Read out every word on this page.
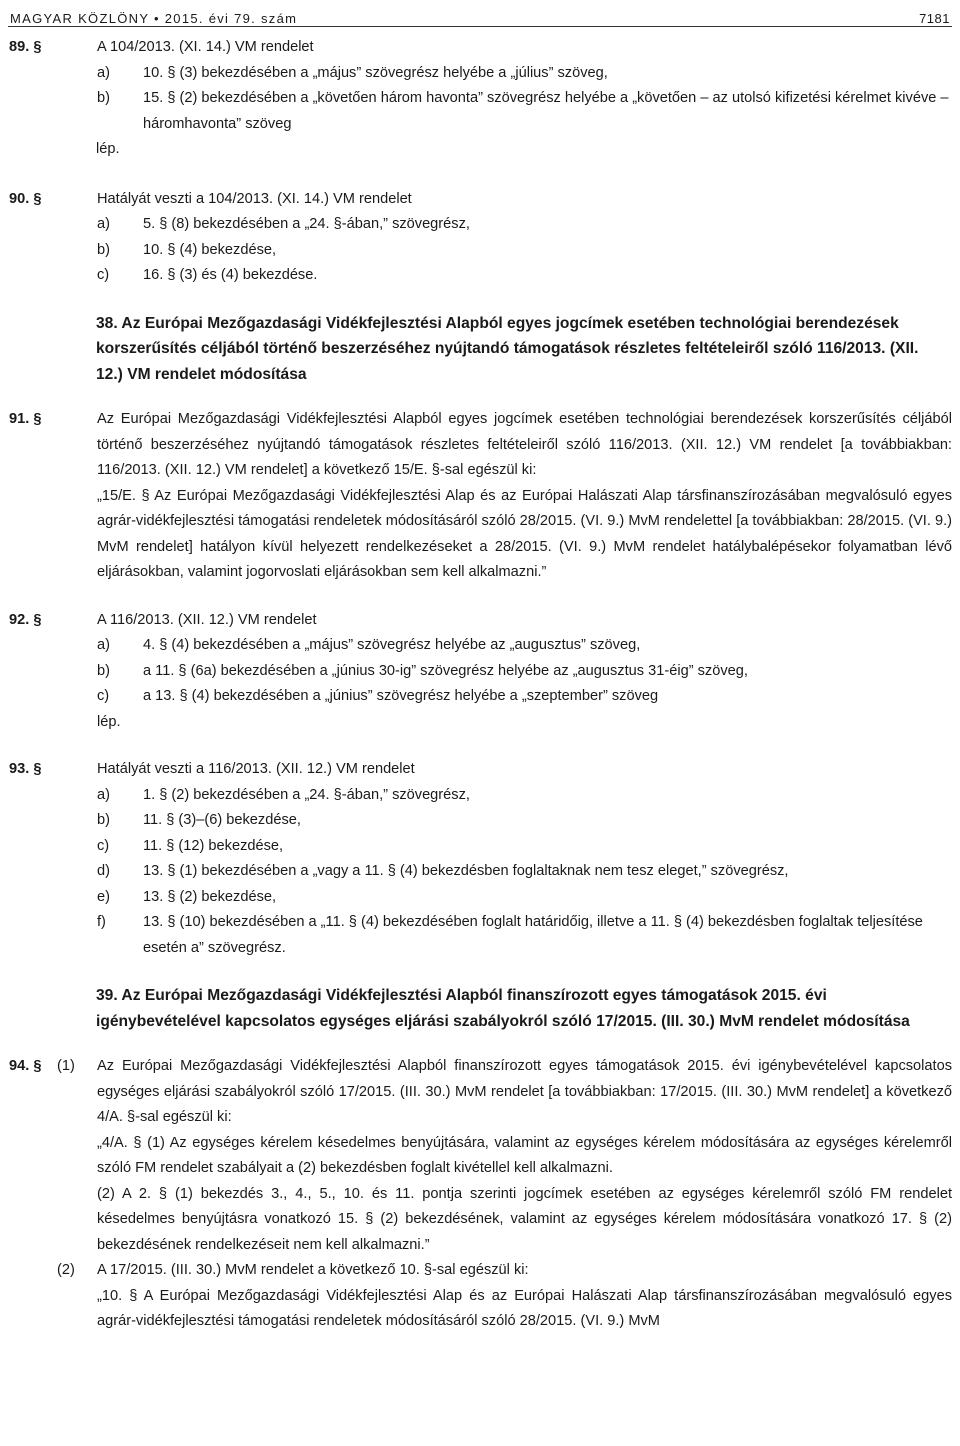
MAGYAR KÖZLÖNY • 2015. évi 79. szám	7181
89. §	A 104/2013. (XI. 14.) VM rendelet
a)	10. § (3) bekezdésében a „május” szövegrész helyébe a „július” szöveg,
b)	15. § (2) bekezdésében a „követően három havonta” szövegrész helyébe a „követően – az utolsó kifizetési kérelmet kivéve – háromhavonta” szöveg
lép.
90. §	Hatályát veszti a 104/2013. (XI. 14.) VM rendelet
a)	5. § (8) bekezdésében a „24. §-ában,” szövegrész,
b)	10. § (4) bekezdése,
c)	16. § (3) és (4) bekezdése.
38. Az Európai Mezőgazdasági Vidékfejlesztési Alapból egyes jogcímek esetében technológiai berendezések korszerűsítés céljából történő beszerzéséhez nyújtandó támogatások részletes feltételeiről szóló 116/2013. (XII. 12.) VM rendelet módosítása
91. §	Az Európai Mezőgazdasági Vidékfejlesztési Alapból egyes jogcímek esetében technológiai berendezések korszerűsítés céljából történő beszerzéséhez nyújtandó támogatások részletes feltételeiről szóló 116/2013. (XII. 12.) VM rendelet [a továbbiakban: 116/2013. (XII. 12.) VM rendelet] a következő 15/E. §-sal egészül ki:
„15/E. § Az Európai Mezőgazdasági Vidékfejlesztési Alap és az Európai Halászati Alap társfinanszírozásában megvalósuló egyes agrár-vidékfejlesztési támogatási rendeletek módosításáról szóló 28/2015. (VI. 9.) MvM rendelettel [a továbbiakban: 28/2015. (VI. 9.) MvM rendelet] hatályon kívül helyezett rendelkezéseket a 28/2015. (VI. 9.) MvM rendelet hatálybalépésekor folyamatban lévő eljárásokban, valamint jogorvoslati eljárásokban sem kell alkalmazni.”
92. §	A 116/2013. (XII. 12.) VM rendelet
a)	4. § (4) bekezdésében a „május” szövegrész helyébe az „augusztus” szöveg,
b)	a 11. § (6a) bekezdésében a „június 30-ig” szövegrész helyébe az „augusztus 31-éig” szöveg,
c)	a 13. § (4) bekezdésében a „június” szövegrész helyébe a „szeptember” szöveg
lép.
93. §	Hatályát veszti a 116/2013. (XII. 12.) VM rendelet
a)	1. § (2) bekezdésében a „24. §-ában,” szövegrész,
b)	11. § (3)–(6) bekezdése,
c)	11. § (12) bekezdése,
d)	13. § (1) bekezdésében a „vagy a 11. § (4) bekezdésben foglaltaknak nem tesz eleget,” szövegrész,
e)	13. § (2) bekezdése,
f)	13. § (10) bekezdésében a „11. § (4) bekezdésében foglalt határidőig, illetve a 11. § (4) bekezdésben foglaltak teljesítése esetén a” szövegrész.
39. Az Európai Mezőgazdasági Vidékfejlesztési Alapból finanszírozott egyes támogatások 2015. évi igénybevételével kapcsolatos egységes eljárási szabályokról szóló 17/2015. (III. 30.) MvM rendelet módosítása
94. §	(1)	Az Európai Mezőgazdasági Vidékfejlesztési Alapból finanszírozott egyes támogatások 2015. évi igénybevételével kapcsolatos egységes eljárási szabályokról szóló 17/2015. (III. 30.) MvM rendelet [a továbbiakban: 17/2015. (III. 30.) MvM rendelet] a következő 4/A. §-sal egészül ki:
„4/A. § (1) Az egységes kérelem késedelmes benyújtására, valamint az egységes kérelem módosítására az egységes kérelemről szóló FM rendelet szabályait a (2) bekezdésben foglalt kivétellel kell alkalmazni.
(2) A 2. § (1) bekezdés 3., 4., 5., 10. és 11. pontja szerinti jogcímek esetében az egységes kérelemről szóló FM rendelet késedelmes benyújtásra vonatkozó 15. § (2) bekezdésének, valamint az egységes kérelem módosítására vonatkozó 17. § (2) bekezdésének rendelkezéseit nem kell alkalmazni.”
(2)	A 17/2015. (III. 30.) MvM rendelet a következő 10. §-sal egészül ki:
„10. § A Európai Mezőgazdasági Vidékfejlesztési Alap és az Európai Halászati Alap társfinanszírozásában megvalósuló egyes agrár-vidékfejlesztési támogatási rendeletek módosításáról szóló 28/2015. (VI. 9.) MvM
